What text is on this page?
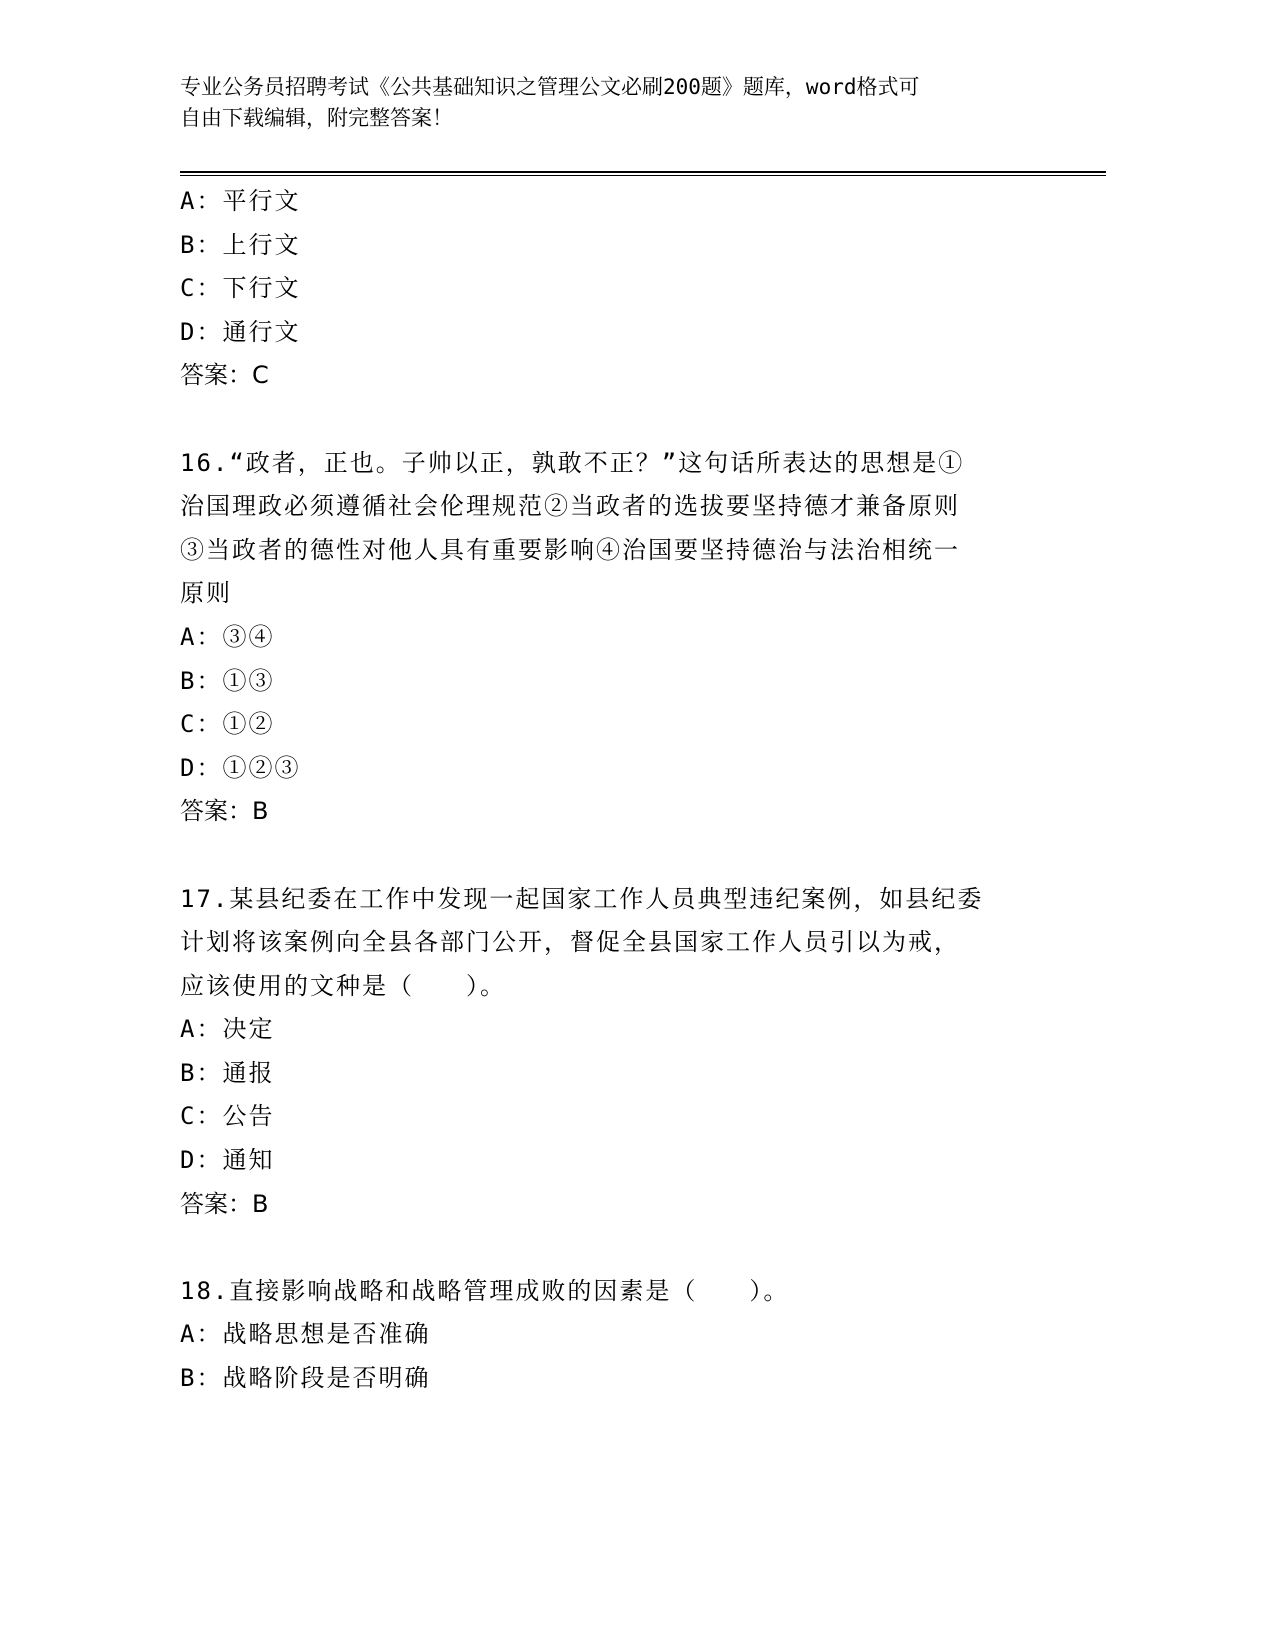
专业公务员招聘考试《公共基础知识之管理公文必刷200题》题库，word格式可
自由下载编辑，附完整答案！
A：平行文
B：上行文
C：下行文
D：通行文
答案：C
16.“政者，正也。子帅以正，孰敢不正？”这句话所表达的思想是①
治国理政必须遵循社会伦理规范②当政者的选拔要坚持德才兼备原则
③当政者的德性对他人具有重要影响④治国要坚持德治与法治相统一
原则
A：③④
B：①③
C：①②
D：①②③
答案：B
17.某县纪委在工作中发现一起国家工作人员典型违纪案例，如县纪委
计划将该案例向全县各部门公开，督促全县国家工作人员引以为戒，
应该使用的文种是（　　）。
A：决定
B：通报
C：公告
D：通知
答案：B
18.直接影响战略和战略管理成败的因素是（　　）。
A：战略思想是否准确
B：战略阶段是否明确
